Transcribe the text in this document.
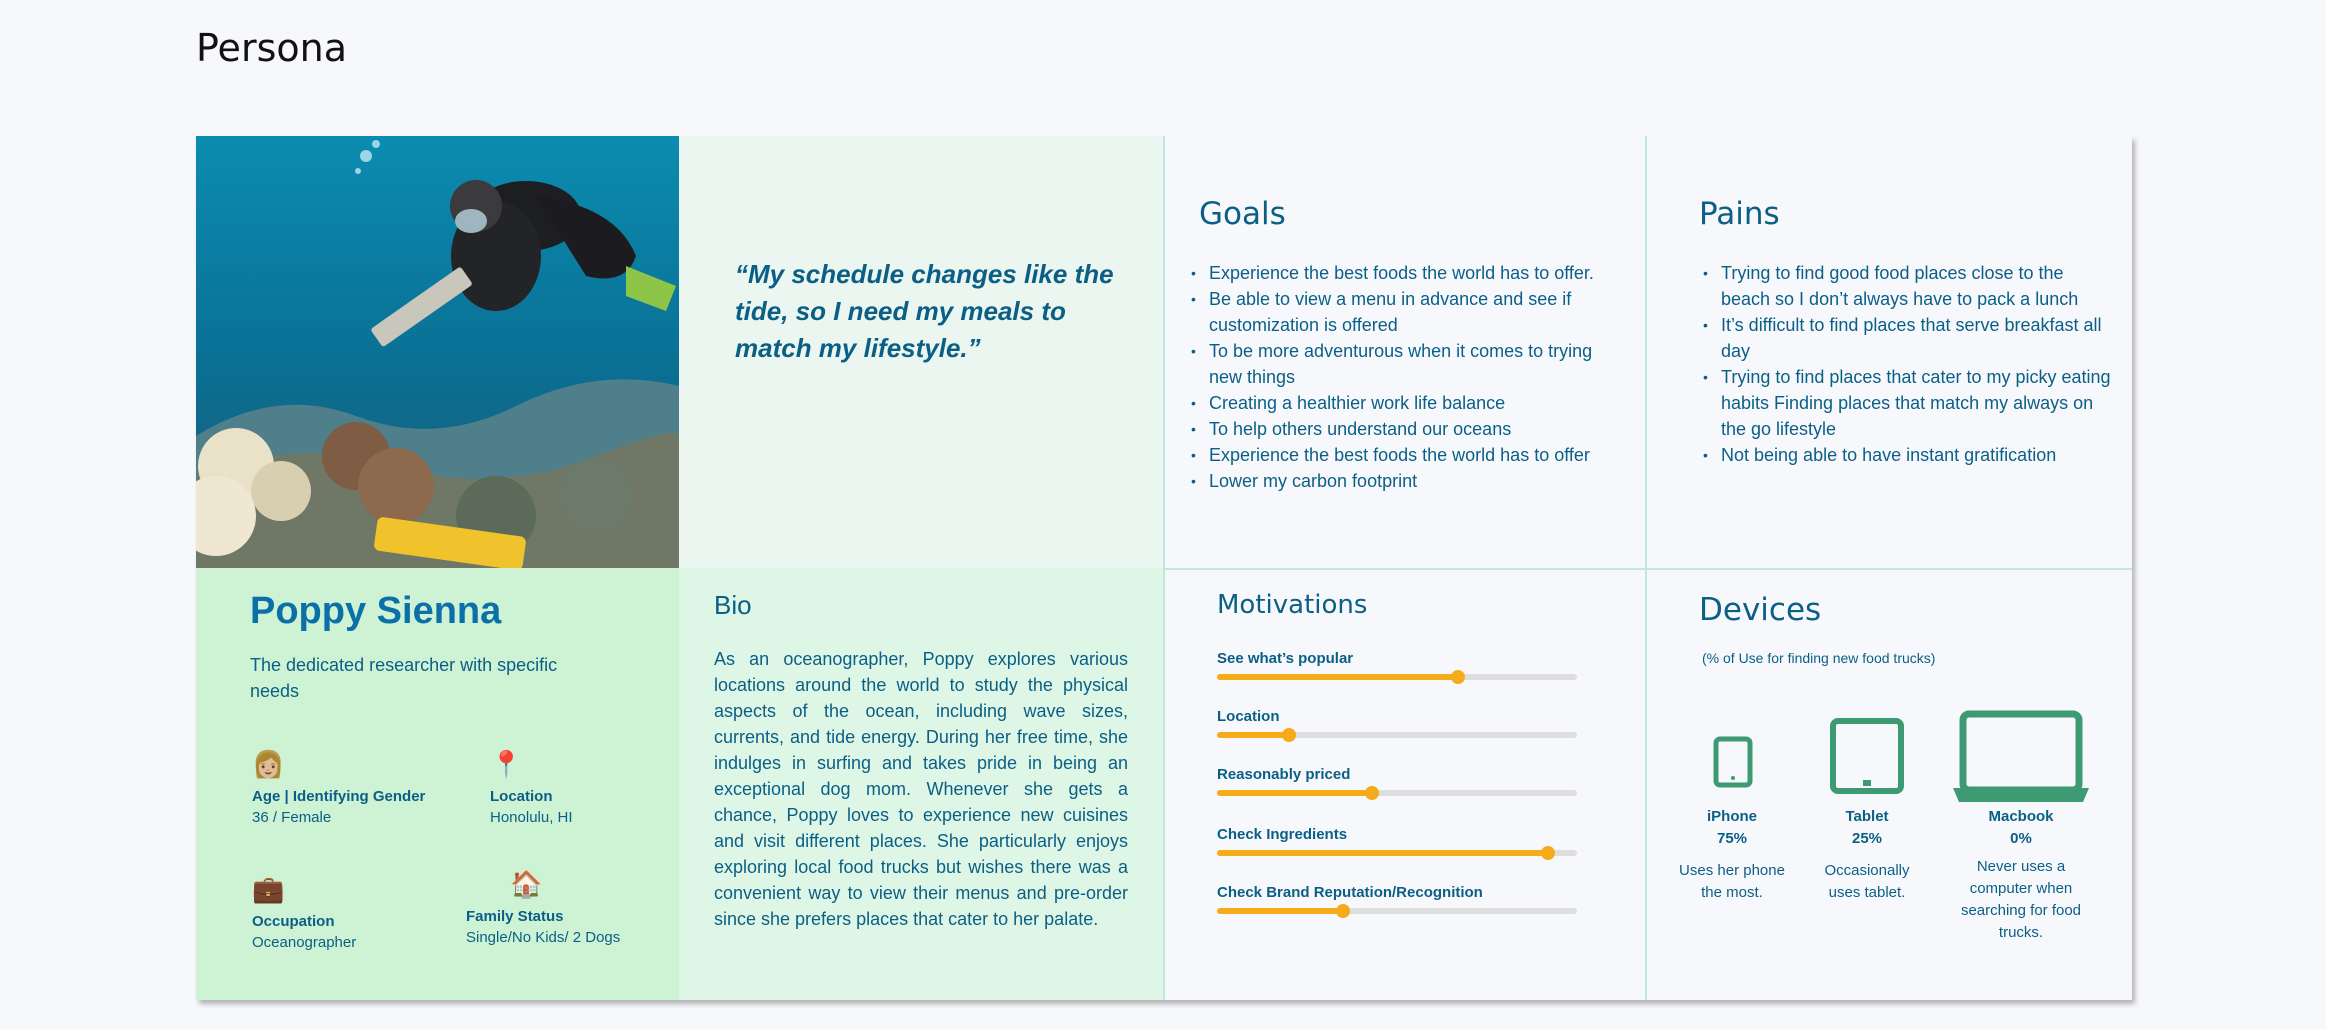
Persona
“My schedule changes like the tide, so I need my meals to match my lifestyle.”
Goals
• Experience the best foods the world has to offer.
• Be able to view a menu in advance and see if customization is offered
• To be more adventurous when it comes to trying new things
• Creating a healthier work life balance
• To help others understand our oceans
• Experience the best foods the world has to offer
• Lower my carbon footprint
Pains
• Trying to find good food places close to the beach so I don’t always have to pack a lunch
• It’s difficult to find places that serve breakfast all day
• Trying to find places that cater to my picky eating habits Finding places that match my always on the go lifestyle
• Not being able to have instant gratification
Poppy Sienna
The dedicated researcher with specific needs
👩🏼
Age | Identifying Gender
36 / Female
📍
Location
Honolulu, HI
💼
Occupation
Oceanographer
🏠
Family Status
Single/No Kids/ 2 Dogs
Bio
As an oceanographer, Poppy explores various locations around the world to study the physical aspects of the ocean, including wave sizes, currents, and tide energy. During her free time, she indulges in surfing and takes pride in being an exceptional dog mom. Whenever she gets a chance, Poppy loves to experience new cuisines and visit different places. She particularly enjoys exploring local food trucks but wishes there was a convenient way to view their menus and pre-order since she prefers places that cater to her palate.
Motivations
See what’s popular
Location
Reasonably priced
Check Ingredients
Check Brand Reputation/Recognition
Devices
(% of Use for finding new food trucks)
iPhone
75%
Uses her phone the most.
Tablet
25%
Occasionally uses tablet.
Macbook
0%
Never uses a computer when searching for food trucks.
